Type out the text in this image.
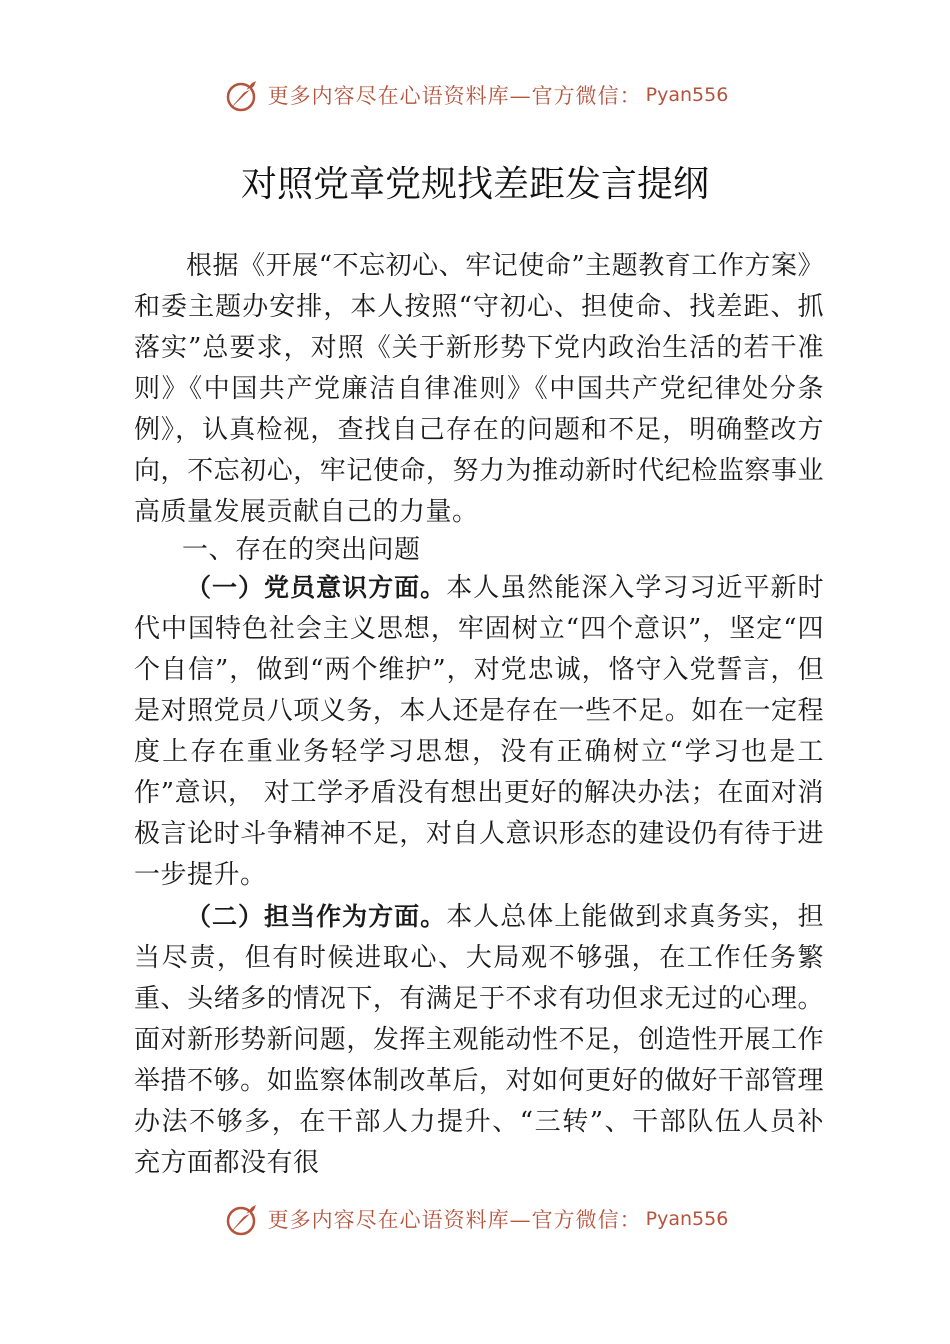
更多内容尽在心语资料库—官方微信： Pyan556
对照党章党规找差距发言提纲

根据《开展“不忘初心、牢记使命”主题教育工作方案》和委主题办安排，本人按照“守初心、担使命、找差距、抓落实”总要求，对照《关于新形势下党内政治生活的若干准则》《中国共产党廉洁自律准则》《中国共产党纪律处分条例》，认真检视，查找自己存在的问题和不足，明确整改方向，不忘初心，牢记使命，努力为推动新时代纪检监察事业高质量发展贡献自己的力量。

一、存在的突出问题

（一）党员意识方面。本人虽然能深入学习习近平新时代中国特色社会主义思想，牢固树立“四个意识”，坚定“四个自信”，做到“两个维护”，对党忠诚，恪守入党誓言，但是对照党员八项义务，本人还是存在一些不足。如在一定程度上存在重业务轻学习思想，没有正确树立“学习也是工作”意识， 对工学矛盾没有想出更好的解决办法；在面对消极言论时斗争精神不足，对自人意识形态的建设仍有待于进一步提升。

（二）担当作为方面。本人总体上能做到求真务实，担当尽责，但有时候进取心、大局观不够强，在工作任务繁重、头绪多的情况下，有满足于不求有功但求无过的心理。面对新形势新问题，发挥主观能动性不足，创造性开展工作举措不够。如监察体制改革后，对如何更好的做好干部管理办法不够多，在干部人力提升、“三转”、干部队伍人员补充方面都没有很

更多内容尽在心语资料库—官方微信： Pyan556
